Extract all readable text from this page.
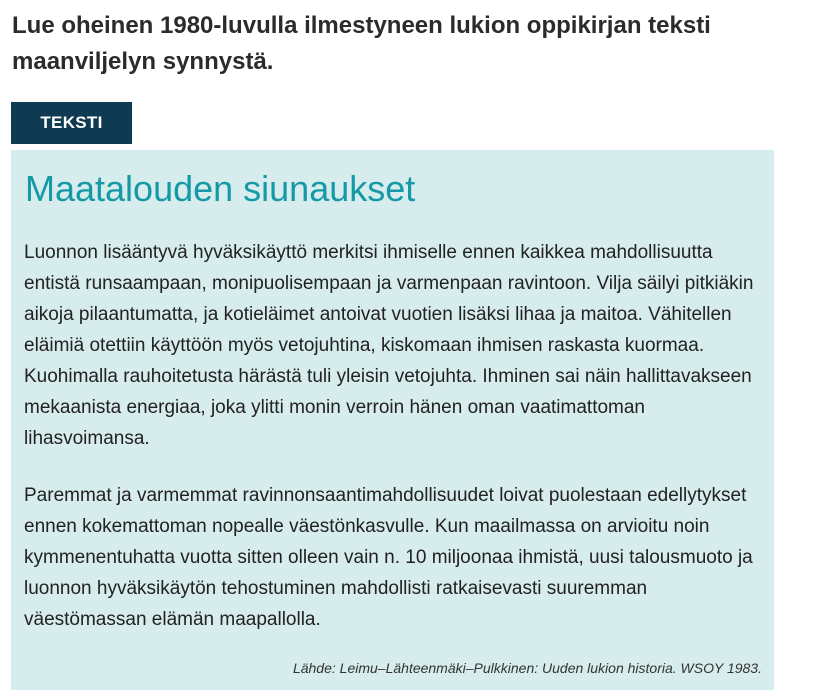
Lue oheinen 1980-luvulla ilmestyneen lukion oppikirjan teksti maanviljelyn synnystä.
TEKSTI
Maatalouden siunaukset

Luonnon lisääntyvä hyväksikäyttö merkitsi ihmiselle ennen kaikkea mahdollisuutta entistä runsaampaan, monipuolisempaan ja varmenpaan ravintoon. Vilja säilyi pitkiäkin aikoja pilaantumatta, ja kotieläimet antoivat vuotien lisäksi lihaa ja maitoa. Vähitellen eläimiä otettiin käyttöön myös vetojuhtina, kiskomaan ihmisen raskasta kuormaa. Kuohimalla rauhoitetusta härästä tuli yleisin vetojuhta. Ihminen sai näin hallittavakseen mekaanista energiaa, joka ylitti monin verroin hänen oman vaatimattoman lihasvoimansa.

Paremmat ja varmemmat ravinnonsaantimahdollisuudet loivat puolestaan edellytykset ennen kokemattoman nopealle väestönkasvulle. Kun maailmassa on arvioitu noin kymmenentuhatta vuotta sitten olleen vain n. 10 miljoonaa ihmistä, uusi talousmuoto ja luonnon hyväksikäytön tehostuminen mahdollisti ratkaisevasti suuremman väestömassan elämän maapallolla.

Lähde: Leimu–Lähteenmäki–Pulkkinen: Uuden lukion historia. WSOY 1983.
